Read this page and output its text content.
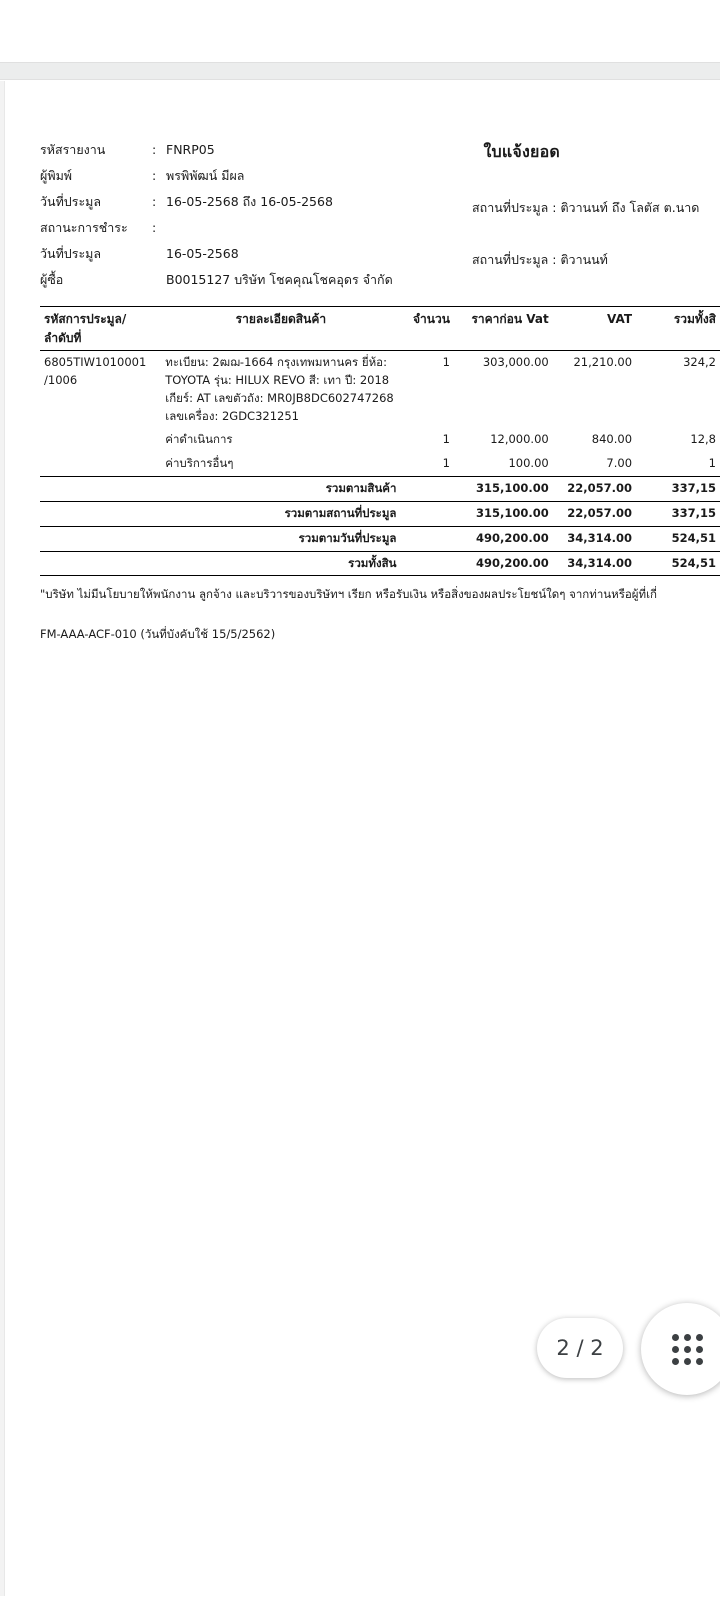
ใบแจ้งยอด
รหัสรายงาน	: FNRP05
ผู้พิมพ์	: พรพิพัฒน์ มีผล
วันที่ประมูล	: 16-05-2568 ถึง 16-05-2568
สถานะการชำระ	:
วันที่ประมูล	16-05-2568
ผู้ซื้อ	B0015127 บริษัท โชคคุณโชคอุดร จำกัด
สถานที่ประมูล : ติวานนท์ ถึง โลตัส ต.นาด
สถานที่ประมูล : ติวานนท์
รหัสการประมูล/
ลำดับที่	รายละเอียดสินค้า	จำนวน	ราคาก่อน Vat	VAT	รวมทั้งสิ

6805TIW1010001
/1006	ทะเบียน: 2ฒฌ-1664 กรุงเทพมหานคร ยี่ห้อ: TOYOTA รุ่น: HILUX REVO สี: เทา ปี: 2018 เกียร์: AT เลขตัวถัง: MR0JB8DC602747268 เลขเครื่อง: 2GDC321251	1	303,000.00	21,210.00	324,2
	ค่าดำเนินการ	1	12,000.00	840.00	12,8
	ค่าบริการอื่นๆ	1	100.00	7.00	1
	รวมตามสินค้า		315,100.00	22,057.00	337,15
	รวมตามสถานที่ประมูล		315,100.00	22,057.00	337,15
	รวมตามวันที่ประมูล		490,200.00	34,314.00	524,51
	รวมทั้งสิน		490,200.00	34,314.00	524,51
"บริษัท ไม่มีนโยบายให้พนักงาน ลูกจ้าง และบริวารของบริษัทฯ เรียก หรือรับเงิน หรือสิ่งของผลประโยชน์ใดๆ จากท่านหรือผู้ที่เกี่
FM-AAA-ACF-010 (วันที่บังคับใช้ 15/5/2562)
2 / 2
